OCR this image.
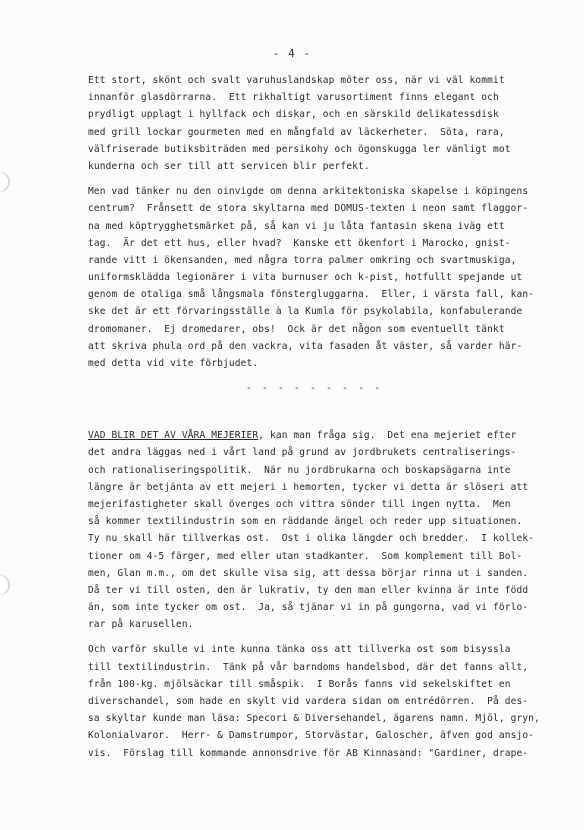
- 4 -
Ett stort, skönt och svalt varuhuslandskap möter oss, när vi väl kommit
innanför glasdörrarna.  Ett rikhaltigt varusortiment finns elegant och
prydligt upplagt i hyllfack och diskar, och en särskild delikatessdisk
med grill lockar gourmeten med en mångfald av läckerheter.  Söta, rara,
välfriserade butiksbiträden med persikohy och ögonskugga ler vänligt mot
kunderna och ser till att servicen blir perfekt.
Men vad tänker nu den oinvigde om denna arkitektoniska skapelse i köpingens
centrum?  Frånsett de stora skyltarna med DOMUS-texten i neon samt flaggor-
na med köptrygghetsmärket på, så kan vi ju låta fantasin skena iväg ett
tag.  Är det ett hus, eller hvad?  Kanske ett ökenfort i Marocko, gnist-
rande vitt i ökensanden, med några torra palmer omkring och svartmuskiga,
uniformsklädda legionärer i vita burnuser och k-pist, hotfullt spejande ut
genom de otaliga små långsmala fönstergluggarna.  Eller, i värsta fall, kan-
ske det är ett förvaringsställe à la Kumla för psykolabila, konfabulerande
dromomaner.  Ej dromedarer, obs!  Ock är det någon som eventuellt tänkt
att skriva phula ord på den vackra, vita fasaden åt väster, så varder här-
med detta vid vite förbjudet.
- - - - - - - - -
VAD BLIR DET AV VÅRA MEJERIER, kan man fråga sig.  Det ena mejeriet efter
det andra läggas ned i vårt land på grund av jordbrukets centraliserings-
och rationaliseringspolitik.  När nu jordbrukarna och boskapsägarna inte
längre är betjänta av ett mejeri i hemorten, tycker vi detta är slöseri att
mejerifastigheter skall överges och vittra sönder till ingen nytta.  Men
så kommer textilindustrin som en räddande ängel och reder upp situationen.
Ty nu skall här tillverkas ost.  Ost i olika längder och bredder.  I kollek-
tioner om 4-5 färger, med eller utan stadkanter.  Som komplement till Bol-
men, Glan m.m., om det skulle visa sig, att dessa börjar rinna ut i sanden.
Då ter vi till osten, den är lukrativ, ty den man eller kvinna är inte född
än, som inte tycker om ost.  Ja, så tjänar vi in på gungorna, vad vi förlo-
rar på karusellen.
Och varför skulle vi inte kunna tänka oss att tillverka ost som bisyssla
till textilindustrin.  Tänk på vår barndoms handelsbod, där det fanns allt,
från 100-kg. mjölsäckar till småspik.  I Borås fanns vid sekelskiftet en
diverschandel, som hade en skylt vid vardera sidan om entrédörren.  På des-
sa skyltar kunde man läsa: Specori & Diversehandel, ägarens namn. Mjöl, gryn,
Kolonialvaror.  Herr- & Damstrumpor, Storvästar, Galoscher, äfven god ansjo-
vis.  Förslag till kommande annonsdrive för AB Kinnasand: "Gardiner, drape-
